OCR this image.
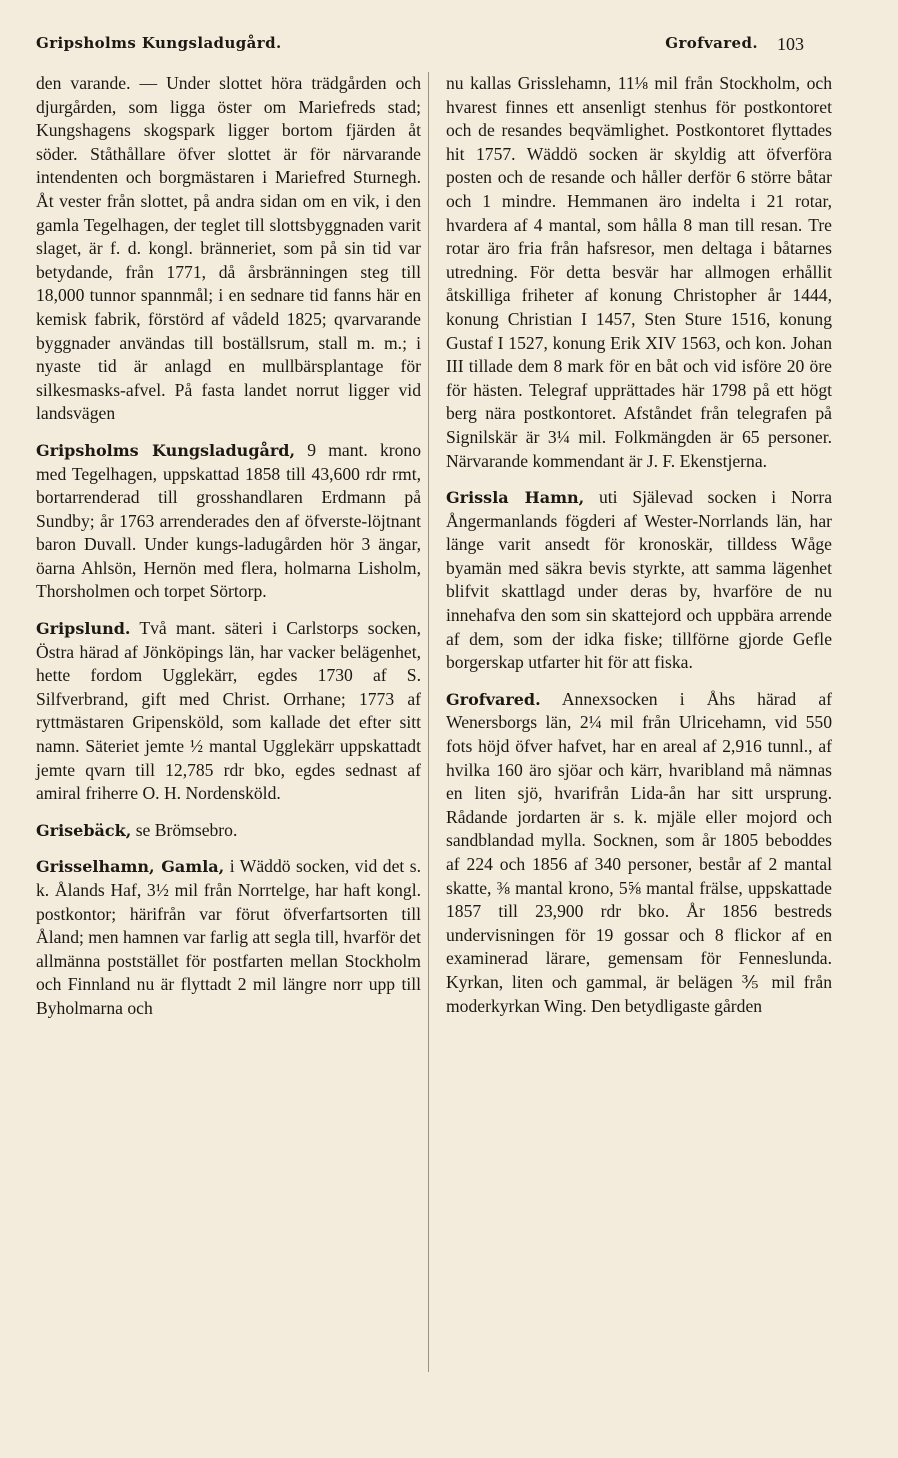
Gripsholms Kungsladugård.	Grofvared. 103

den varande. — Under slottet höra trädgården och djurgården, som ligga öster om Mariefreds stad; Kungshagens skogspark ligger bortom fjärden åt söder. Ståthållare öfver slottet är för närvarande intendenten och borgmästaren i Mariefred Sturnegh. Åt vester från slottet, på andra sidan om en vik, i den gamla Tegelhagen, der teglet till slottsbyggnaden varit slaget, är f. d. kongl. bränneriet, som på sin tid var betydande, från 1771, då årsbränningen steg till 18,000 tunnor spannmål; i en sednare tid fanns här en kemisk fabrik, förstörd af vådeld 1825; qvarvarande byggnader användas till boställsrum, stall m. m.; i nyaste tid är anlagd en mullbärsplantage för silkesmasks-afvel. På fasta landet norrut ligger vid landsvägen

Gripsholms Kungsladugård, 9 mant. krono med Tegelhagen, uppskattad 1858 till 43,600 rdr rmt, bortarrenderad till grosshandlaren Erdmann på Sundby; år 1763 arrenderades den af öfverste-löjtnant baron Duvall. Under kungs-ladugården hör 3 ängar, öarna Ahlsön, Hernön med flera, holmarna Lisholm, Thorsholmen och torpet Sörtorp.

Gripslund. Två mant. säteri i Carlstorps socken, Östra härad af Jönköpings län, har vacker belägenhet, hette fordom Ugglekärr, egdes 1730 af S. Silfverbrand, gift med Christ. Orrhane; 1773 af ryttmästaren Gripensköld, som kallade det efter sitt namn. Säteriet jemte ½ mantal Ugglekärr uppskattadt jemte qvarn till 12,785 rdr bko, egdes sednast af amiral friherre O. H. Nordensköld.

Grisebäck, se Brömsebro.

Grisselhamn, Gamla, i Wäddö socken, vid det s. k. Ålands Haf, 3½ mil från Norrtelge, har haft kongl. postkontor; härifrån var förut öfverfartsorten till Åland; men hamnen var farlig att segla till, hvarför det allmänna poststället för postfarten mellan Stockholm och Finnland nu är flyttadt 2 mil längre norr upp till Byholmarna och

nu kallas Grisslehamn, 11⅛ mil från Stockholm, och hvarest finnes ett ansenligt stenhus för postkontoret och de resandes beqvämlighet. Postkontoret flyttades hit 1757. Wäddö socken är skyldig att öfverföra posten och de resande och håller derför 6 större båtar och 1 mindre. Hemmanen äro indelta i 21 rotar, hvardera af 4 mantal, som hålla 8 man till resan. Tre rotar äro fria från hafsresor, men deltaga i båtarnes utredning. För detta besvär har allmogen erhållit åtskilliga friheter af konung Christopher år 1444, konung Christian I 1457, Sten Sture 1516, konung Gustaf I 1527, konung Erik XIV 1563, och kon. Johan III tillade dem 8 mark för en båt och vid isföre 20 öre för hästen. Telegraf upprättades här 1798 på ett högt berg nära postkontoret. Afståndet från telegrafen på Signilskär är 3¼ mil. Folkmängden är 65 personer. Närvarande kommendant är J. F. Ekenstjerna.

Grissla Hamn, uti Själevad socken i Norra Ångermanlands fögderi af Wester-Norrlands län, har länge varit ansedt för kronoskär, tilldess Wåge byamän med säkra bevis styrkte, att samma lägenhet blifvit skattlagd under deras by, hvarföre de nu innehafva den som sin skattejord och uppbära arrende af dem, som der idka fiske; tillförne gjorde Gefle borgerskap utfarter hit för att fiska.

Grofvared. Annexsocken i Åhs härad af Wenersborgs län, 2¼ mil från Ulricehamn, vid 550 fots höjd öfver hafvet, har en areal af 2,916 tunnl., af hvilka 160 äro sjöar och kärr, hvaribland må nämnas en liten sjö, hvarifrån Lida-ån har sitt ursprung. Rådande jordarten är s. k. mjäle eller mojord och sandblandad mylla. Socknen, som år 1805 beboddes af 224 och 1856 af 340 personer, består af 2 mantal skatte, ⅜ mantal krono, 5⅝ mantal frälse, uppskattade 1857 till 23,900 rdr bko. År 1856 bestreds undervisningen för 19 gossar och 8 flickor af en examinerad lärare, gemensam för Fenneslunda. Kyrkan, liten och gammal, är belägen ⅗ mil från moderkyrkan Wing. Den betydligaste gården
